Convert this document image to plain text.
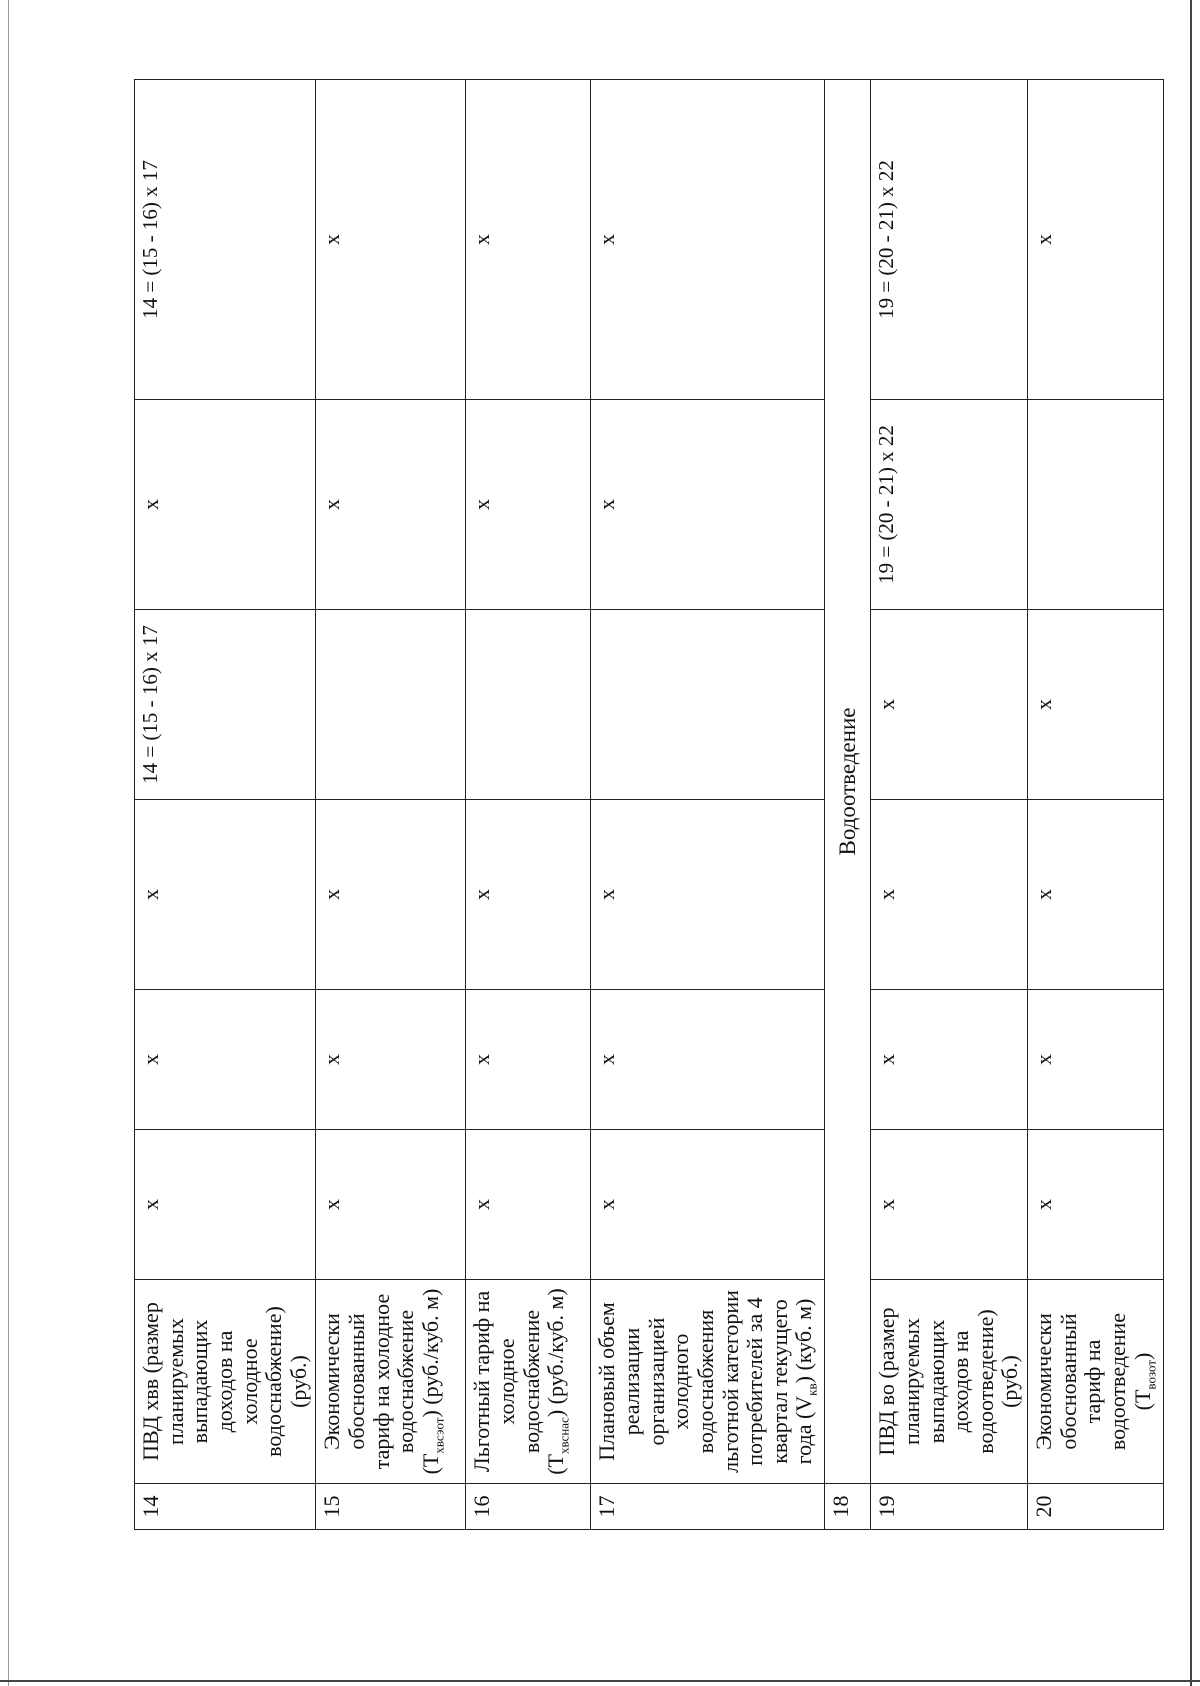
14	ПВД хвв (размер планируемых выпадающих доходов на холодное водоснабжение) (руб.)	х	х	х	14 = (15 - 16) х 17	х	14 = (15 - 16) х 17
15	Экономически обоснованный тариф на холодное водоснабжение $(Т_{хвсэот})$ (руб./куб. м)	х	х	х		х	х
16	Льготный тариф на холодное водоснабжение $(Т_{хвснас})$ (руб./куб. м)	х	х	х		х	х
17	Плановый объем реализации организацией холодного водоснабжения льготной категории потребителей за 4 квартал текущего года $(V_{кв})$ (куб. м)	х	х	х		х	х
18	Водоотведение						
19	ПВД во (размер планируемых выпадающих доходов на водоотведение) (руб.)	х	х	х	х	19 = (20 - 21) х 22	19 = (20 - 21) х 22
20	Экономически обоснованный тариф на водоотведение $(Т_{возот})$	х	х	х	х		х
